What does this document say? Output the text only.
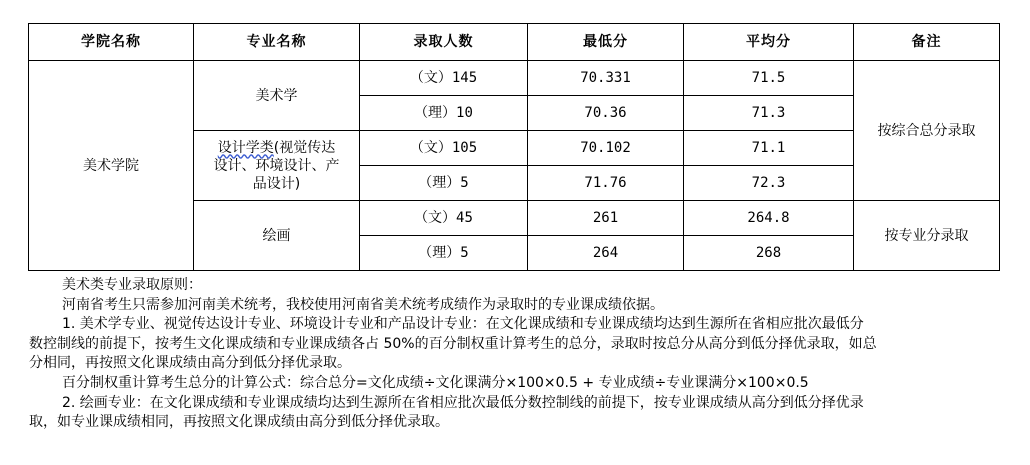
学院名称	专业名称	录取人数	最低分	平均分	备注
美术学院	美术学	（文）145	70.331	71.5	按综合总分录取
		（理）10	70.36	71.3	
	设计学类(视觉传达
设计、环境设计、产
品设计)	（文）105	70.102	71.1	
		（理）5	71.76	72.3	
	绘画	（文）45	261	264.8	按专业分录取
		（理）5	264	268	

美术类专业录取原则：

河南省考生只需参加河南美术统考，我校使用河南省美术统考成绩作为录取时的专业课成绩依据。

1. 美术学专业、视觉传达设计专业、环境设计专业和产品设计专业：在文化课成绩和专业课成绩均达到生源所在省相应批次最低分

数控制线的前提下，按考生文化课成绩和专业课成绩各占 50%的百分制权重计算考生的总分，录取时按总分从高分到低分择优录取，如总

分相同，再按照文化课成绩由高分到低分择优录取。

百分制权重计算考生总分的计算公式：综合总分=文化成绩÷文化课满分×100×0.5 + 专业成绩÷专业课满分×100×0.5

2. 绘画专业：在文化课成绩和专业课成绩均达到生源所在省相应批次最低分数控制线的前提下，按专业课成绩从高分到低分择优录

取，如专业课成绩相同，再按照文化课成绩由高分到低分择优录取。
